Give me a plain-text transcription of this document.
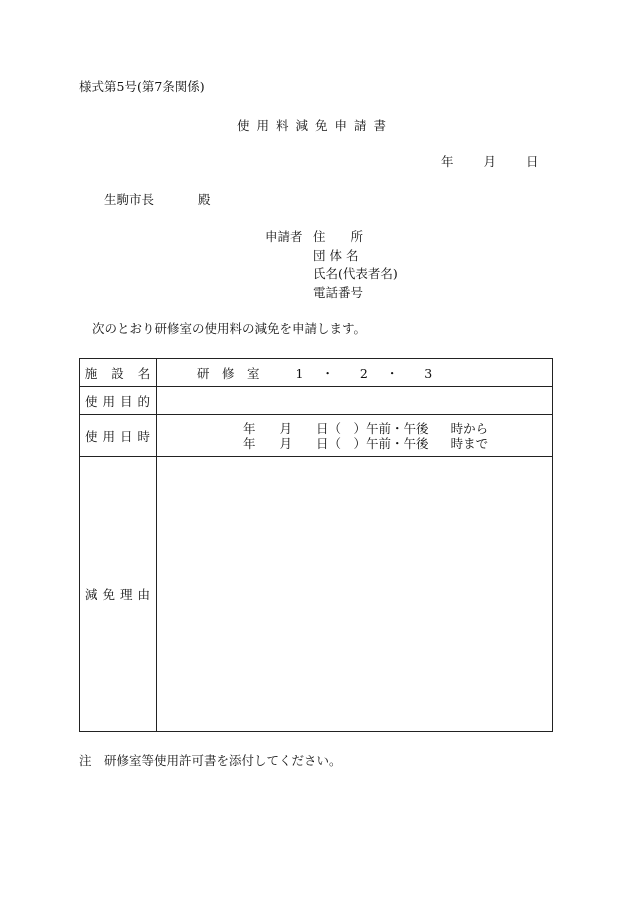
様式第5号(第7条関係)
使用料減免申請書
年 月 日
生駒市長	殿
申請者 住　　所
団 体 名
氏名(代表者名)
電話番号
次のとおり研修室の使用料の減免を申請します。
施 設 名	研　修　室 1 ・ 2 ・ 3

使用目的	
使用日時	年 月 日（　）午前・午後 時から
年 月 日（　）午前・午後 時まで

減免理由	
注　研修室等使用許可書を添付してください。
